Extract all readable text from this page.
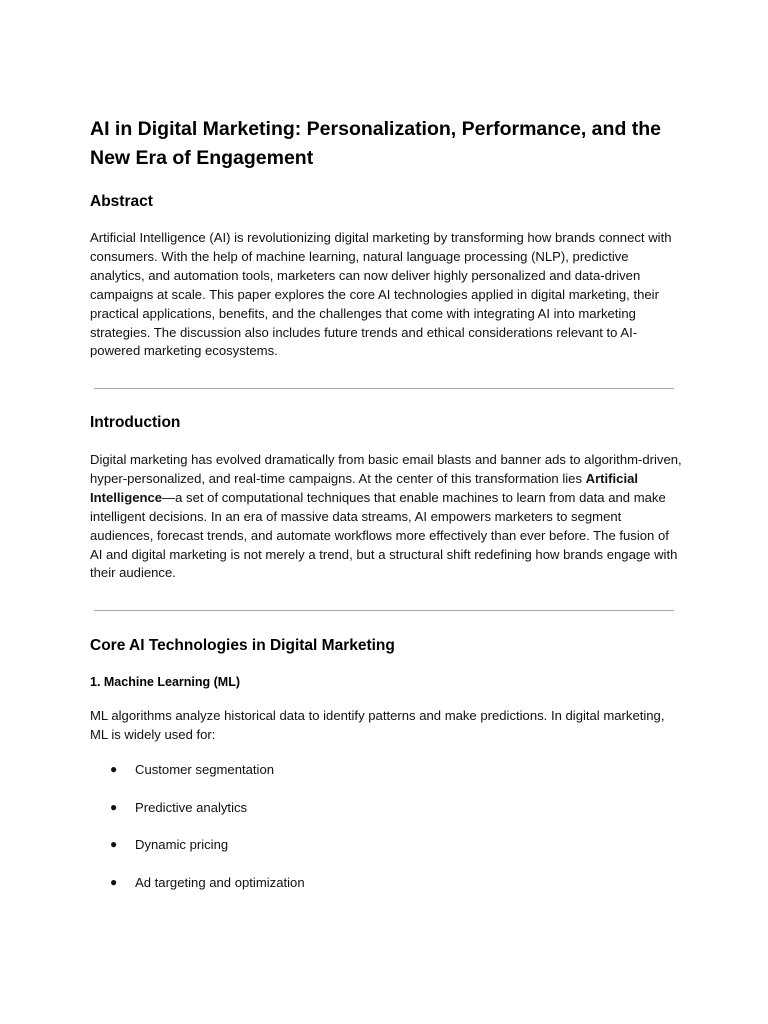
AI in Digital Marketing: Personalization, Performance, and the New Era of Engagement
Abstract

Artificial Intelligence (AI) is revolutionizing digital marketing by transforming how brands connect with consumers. With the help of machine learning, natural language processing (NLP), predictive analytics, and automation tools, marketers can now deliver highly personalized and data-driven campaigns at scale. This paper explores the core AI technologies applied in digital marketing, their practical applications, benefits, and the challenges that come with integrating AI into marketing strategies. The discussion also includes future trends and ethical considerations relevant to AI-powered marketing ecosystems.

Introduction

Digital marketing has evolved dramatically from basic email blasts and banner ads to algorithm-driven, hyper-personalized, and real-time campaigns. At the center of this transformation lies Artificial Intelligence—a set of computational techniques that enable machines to learn from data and make intelligent decisions. In an era of massive data streams, AI empowers marketers to segment audiences, forecast trends, and automate workflows more effectively than ever before. The fusion of AI and digital marketing is not merely a trend, but a structural shift redefining how brands engage with their audience.

Core AI Technologies in Digital Marketing
1. Machine Learning (ML)

ML algorithms analyze historical data to identify patterns and make predictions. In digital marketing, ML is widely used for:

● Customer segmentation
● Predictive analytics
● Dynamic pricing
● Ad targeting and optimization
